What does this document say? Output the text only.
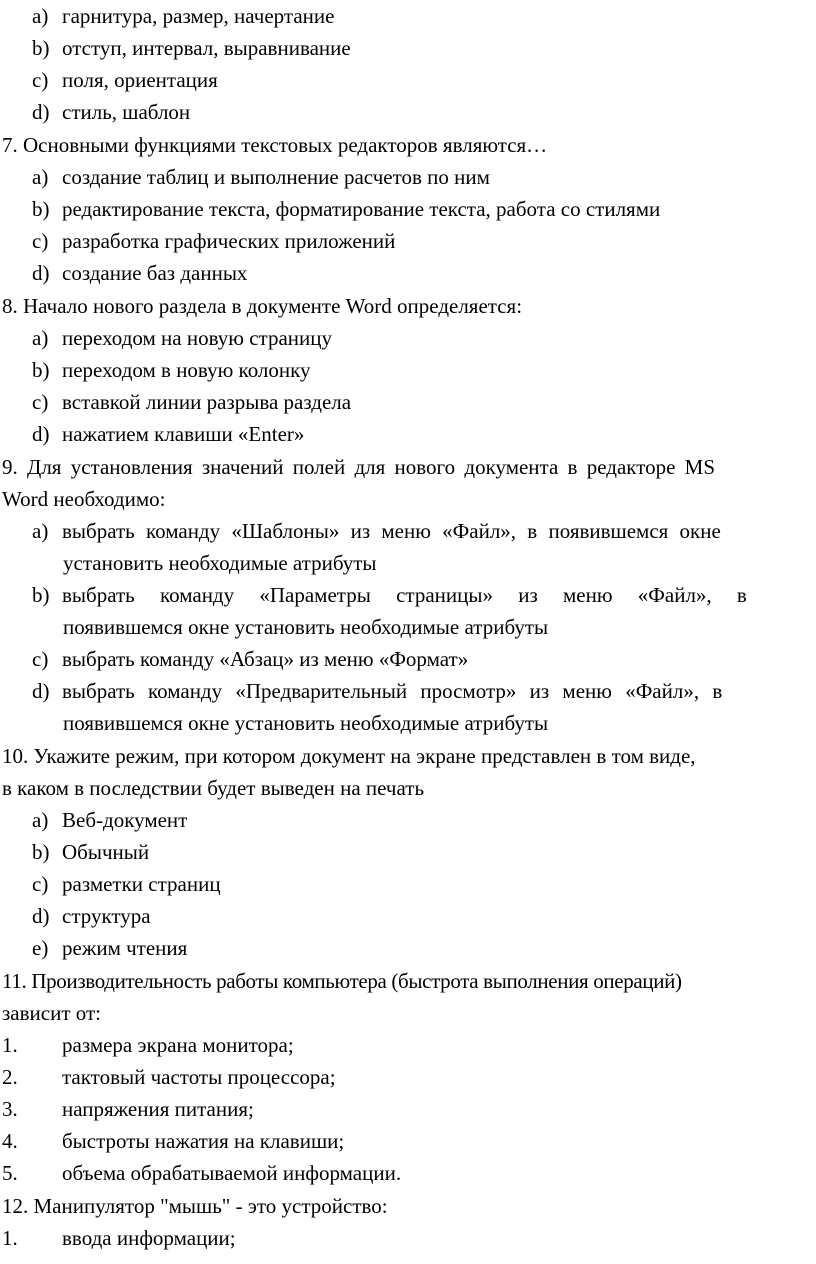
a) гарнитура, размер, начертание
b) отступ, интервал, выравнивание
c) поля, ориентация
d) стиль, шаблон
7. Основными функциями текстовых редакторов являются…
a) создание таблиц и выполнение расчетов по ним
b) редактирование текста, форматирование текста, работа со стилями
c) разработка графических приложений
d) создание баз данных
8. Начало нового раздела в документе Word определяется:
a) переходом на новую страницу
b) переходом в новую колонку
c) вставкой линии разрыва раздела
d) нажатием клавиши «Enter»
9. Для установления значений полей для нового документа в редакторе MS
Word необходимо:
a) выбрать команду «Шаблоны» из меню «Файл», в появившемся окне
установить необходимые атрибуты
b) выбрать команду «Параметры страницы» из меню «Файл», в
появившемся окне установить необходимые атрибуты
c) выбрать команду «Абзац» из меню «Формат»
d) выбрать команду «Предварительный просмотр» из меню «Файл», в
появившемся окне установить необходимые атрибуты
10. Укажите режим, при котором документ на экране представлен в том виде,
в каком в последствии будет выведен на печать
a) Веб-документ
b) Обычный
c) разметки страниц
d) структура
e) режим чтения
11. Производительность работы компьютера (быстрота выполнения операций)
зависит от:
1. размера экрана монитора;
2. тактовый частоты процессора;
3. напряжения питания;
4. быстроты нажатия на клавиши;
5. объема обрабатываемой информации.
12. Манипулятор "мышь" - это устройство:
1. ввода информации;
